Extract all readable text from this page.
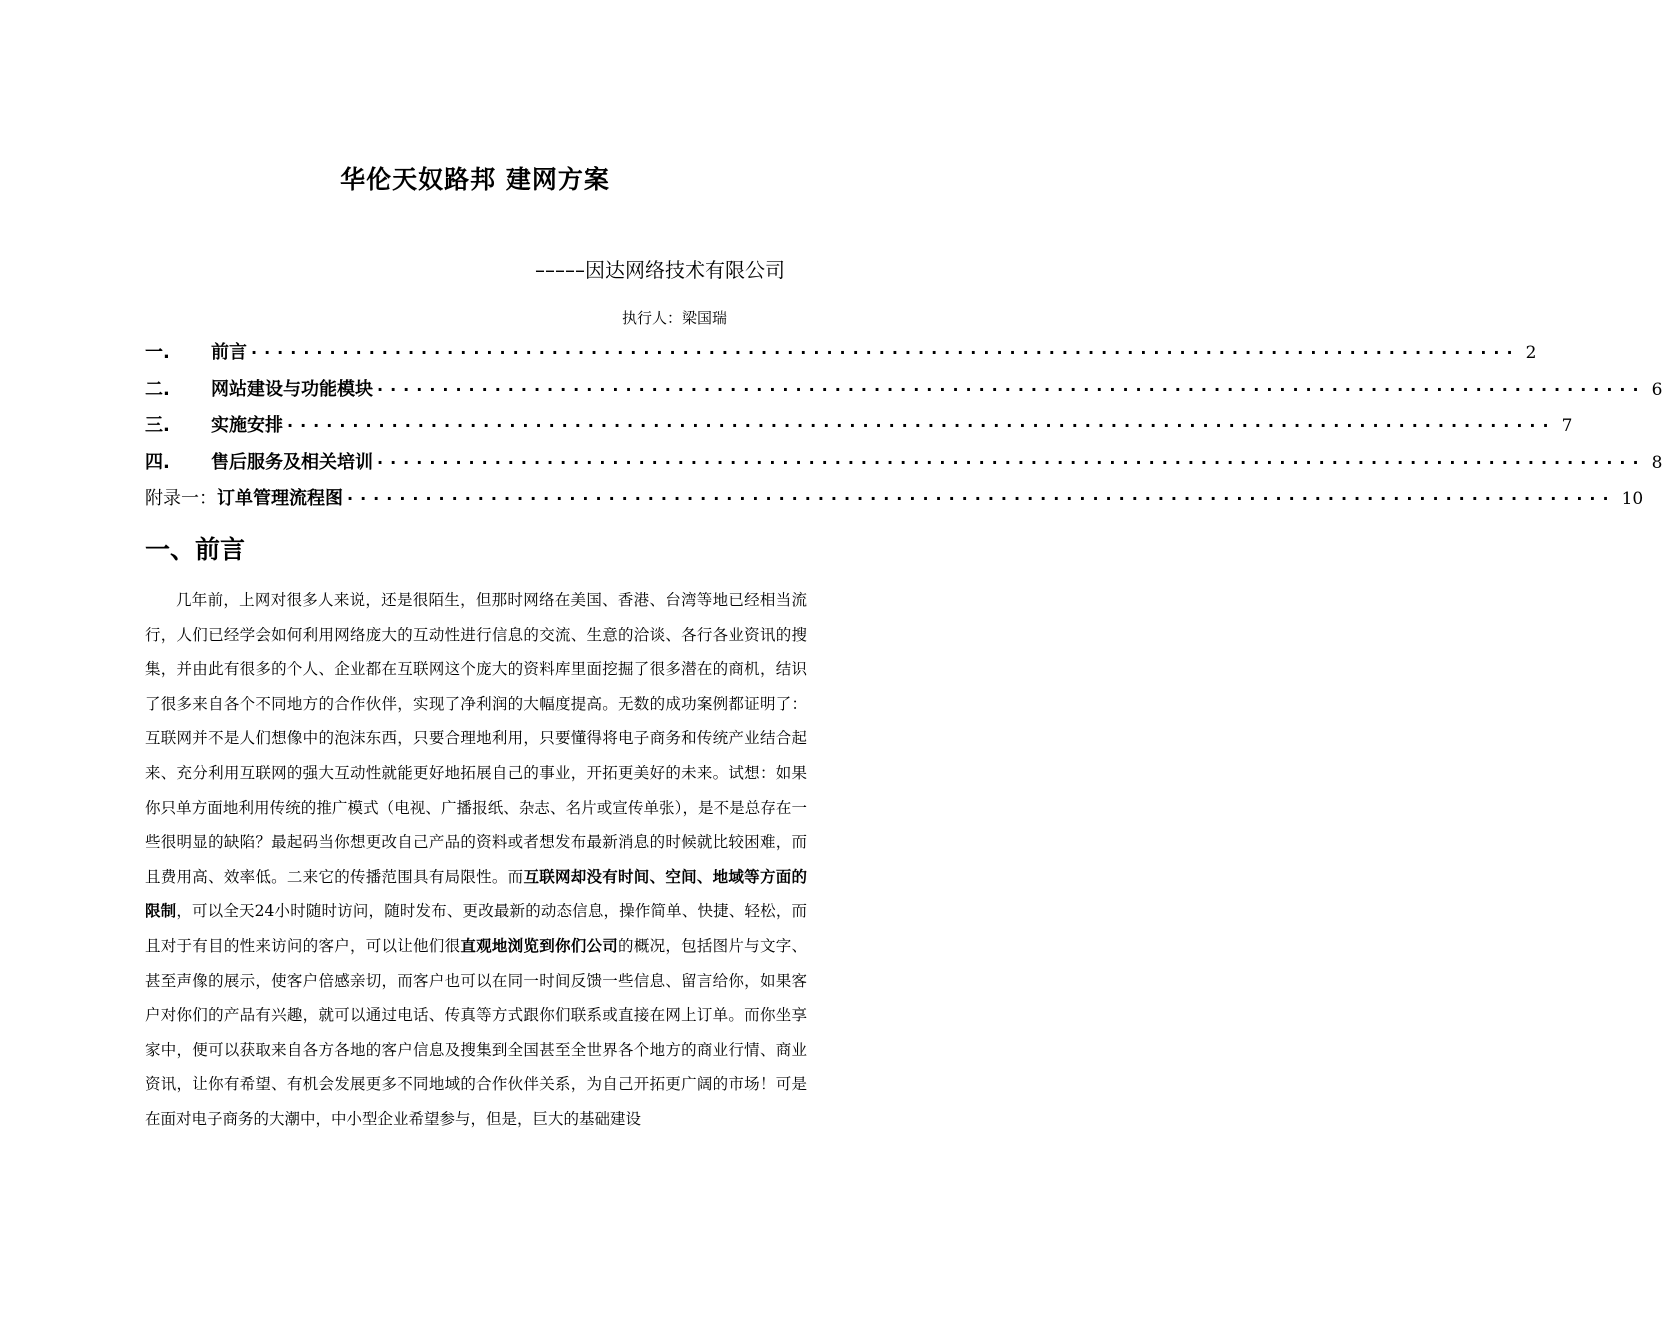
华伦天奴路邦 建网方案
–––––因达网络技术有限公司
执行人：梁国瑞
一.	前言 ································································································· 2
二.	网站建设与功能模块 ································································································· 6
三.	实施安排 ································································································· 7
四.	售后服务及相关培训 ································································································· 8
附录一： 订单管理流程图 ································································································· 10
一、前言
几年前，上网对很多人来说，还是很陌生，但那时网络在美国、香港、台湾等地已经相当流行，人们已经学会如何利用网络庞大的互动性进行信息的交流、生意的洽谈、各行各业资讯的搜集，并由此有很多的个人、企业都在互联网这个庞大的资料库里面挖掘了很多潜在的商机，结识了很多来自各个不同地方的合作伙伴，实现了净利润的大幅度提高。无数的成功案例都证明了：互联网并不是人们想像中的泡沫东西，只要合理地利用，只要懂得将电子商务和传统产业结合起来、充分利用互联网的强大互动性就能更好地拓展自己的事业，开拓更美好的未来。试想：如果你只单方面地利用传统的推广模式（电视、广播报纸、杂志、名片或宣传单张），是不是总存在一些很明显的缺陷？最起码当你想更改自己产品的资料或者想发布最新消息的时候就比较困难，而且费用高、效率低。二来它的传播范围具有局限性。而互联网却没有时间、空间、地域等方面的限制，可以全天24小时随时访问，随时发布、更改最新的动态信息，操作简单、快捷、轻松，而且对于有目的性来访问的客户，可以让他们很直观地浏览到你们公司的概况，包括图片与文字、甚至声像的展示，使客户倍感亲切，而客户也可以在同一时间反馈一些信息、留言给你，如果客户对你们的产品有兴趣，就可以通过电话、传真等方式跟你们联系或直接在网上订单。而你坐享家中，便可以获取来自各方各地的客户信息及搜集到全国甚至全世界各个地方的商业行情、商业资讯，让你有希望、有机会发展更多不同地域的合作伙伴关系，为自己开拓更广阔的市场！可是在面对电子商务的大潮中，中小型企业希望参与，但是，巨大的基础建设
